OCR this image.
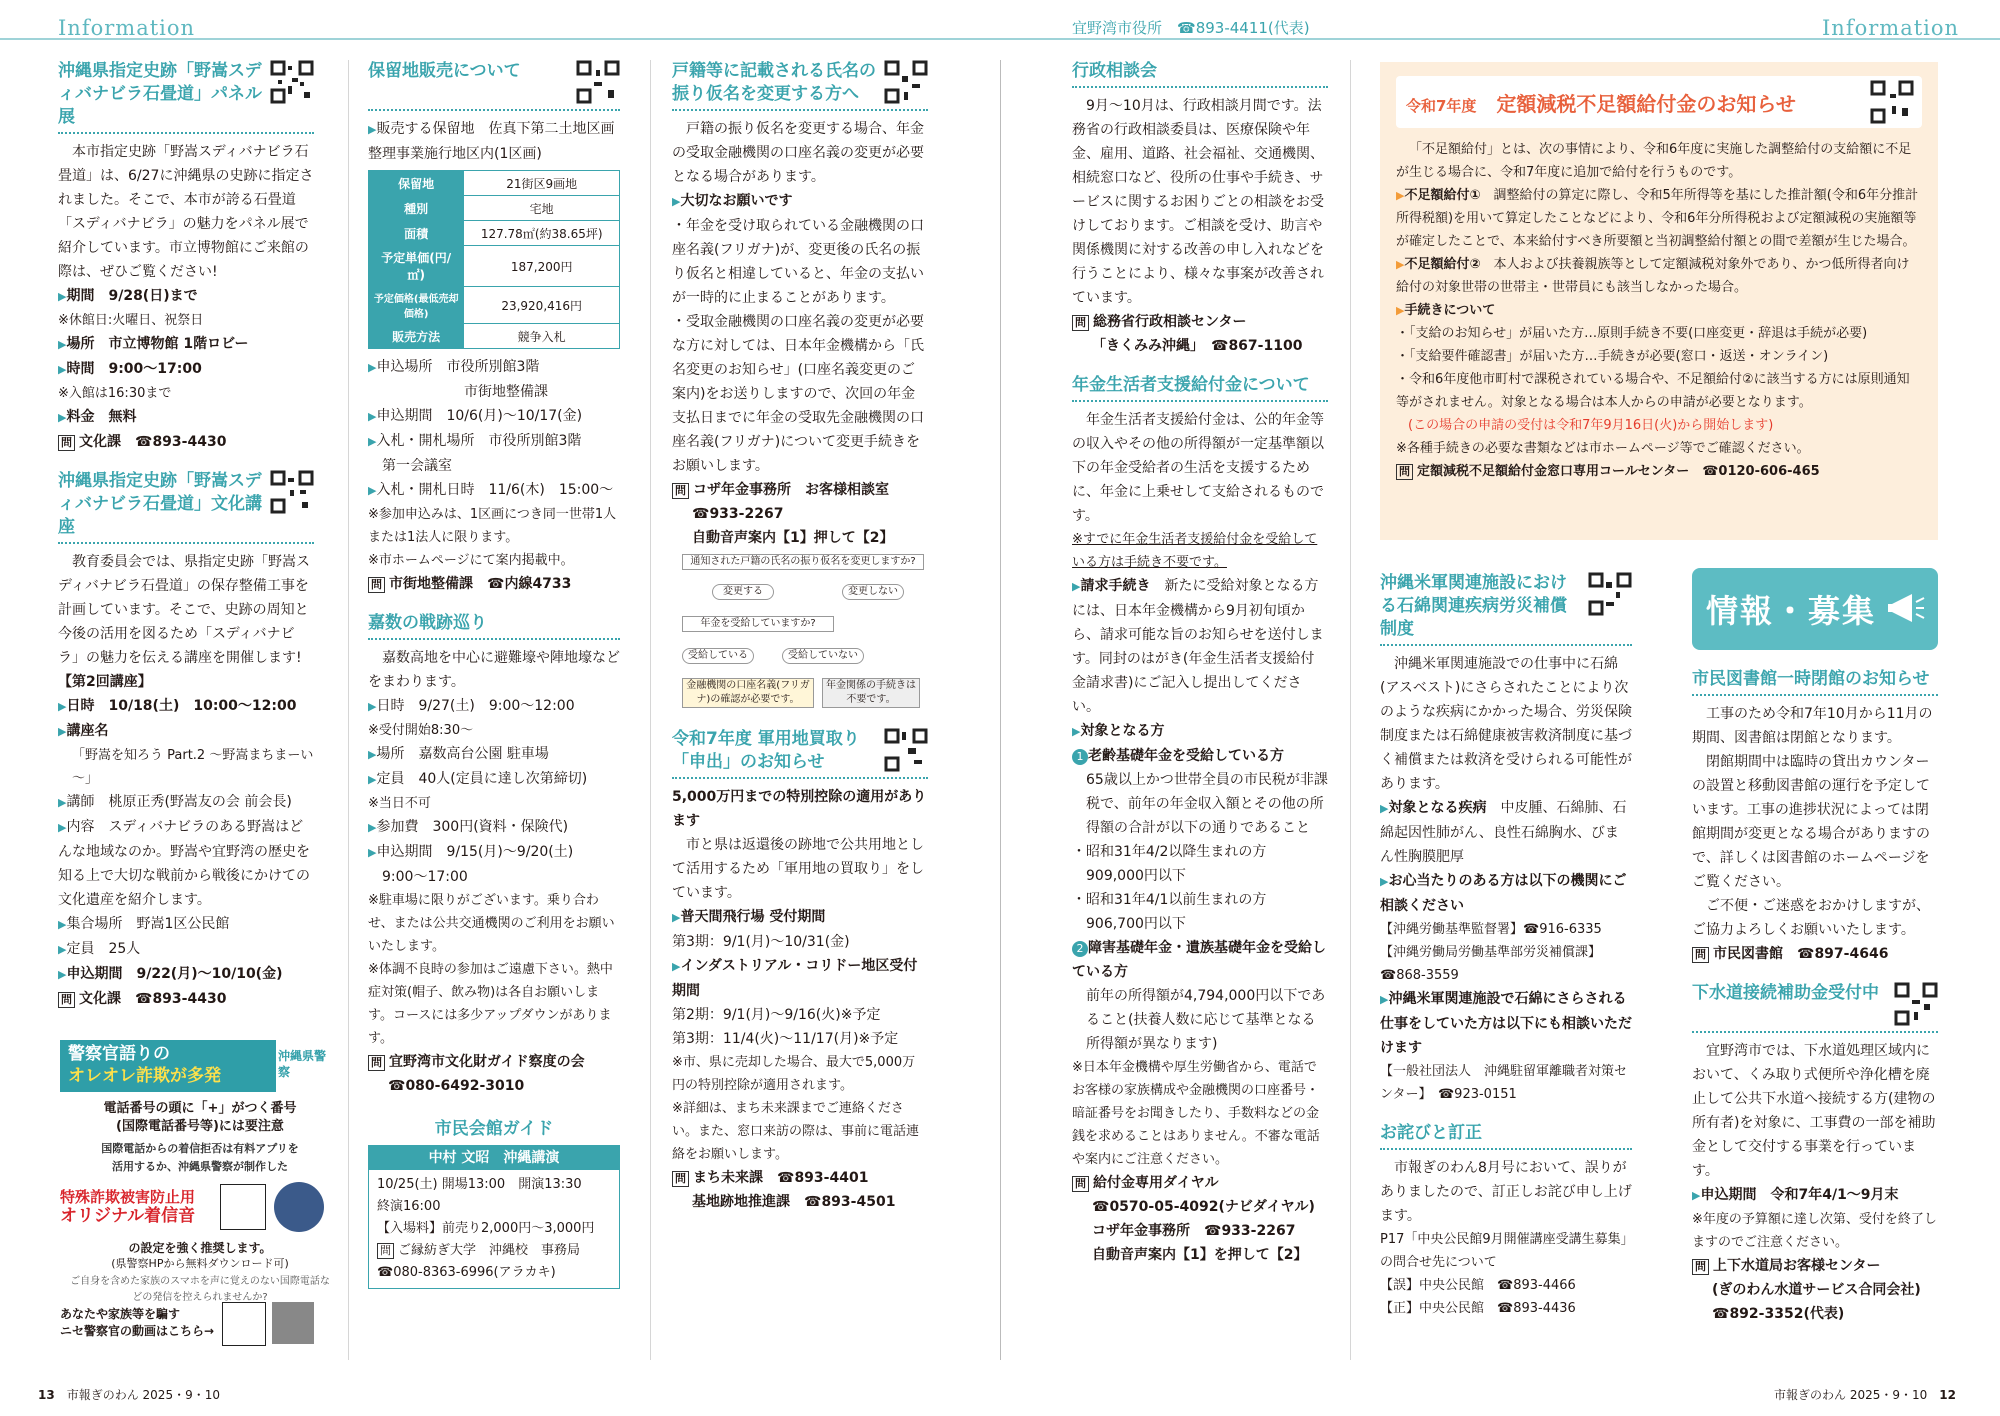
Information	宜野湾市役所　 ☎893-4411(代表)	Information
沖縄県指定史跡「野嵩スディバナビラ石畳道」パネル展

本市指定史跡「野嵩スディバナビラ石畳道」は、6/27に沖縄県の史跡に指定されました。そこで、本市が誇る石畳道「スディバナビラ」の魅力をパネル展で紹介しています。市立博物館にご来館の際は、ぜひご覧ください!

▶期間　9/28(日)まで

※休館日:火曜日、祝祭日

▶場所　市立博物館 1階ロビー

▶時間　9:00～17:00

※入館は16:30まで

▶料金　無料

問 文化課　☎893-4430

沖縄県指定史跡「野嵩スディバナビラ石畳道」文化講座

教育委員会では、県指定史跡「野嵩スディバナビラ石畳道」の保存整備工事を計画しています。そこで、史跡の周知と今後の活用を図るため「スディバナビラ」の魅力を伝える講座を開催します!

【第2回講座】

▶日時　10/18(土)　10:00～12:00

▶講座名

「野嵩を知ろう Part.2 ～野嵩まちまーい～」

▶講師　桃原正秀(野嵩友の会 前会長)

▶内容　スディバナビラのある野嵩はどんな地域なのか。野嵩や宜野湾の歴史を知る上で大切な戦前から戦後にかけての文化遺産を紹介します。

▶集合場所　野嵩1区公民館

▶定員　25人

▶申込期間　9/22(月)～10/10(金)

問 文化課　☎893-4430

警察官語りの
オレオレ詐欺が多発
沖縄県警察
電話番号の頭に「+」がつく番号
(国際電話番号等)には要注意
国際電話からの着信拒否は有料アプリを
活用するか、沖縄県警察が制作した
特殊詐欺被害防止用
オリジナル着信音
の設定を強く推奨します。
(県警察HPから無料ダウンロード可)
ご自身を含めた家族のスマホを声に覚えのない国際電話などの発信を控えられませんか?
あなたや家族等を騙す
ニセ警察官の動画はこちら→
保留地販売について

▶販売する保留地　佐真下第二土地区画整理事業施行地区内(1区画)

保留地	21街区9画地
種別	宅地
面積	127.78㎡(約38.65坪)
予定単価(円/㎡)	187,200円
予定価格(最低売却価格)	23,920,416円
販売方法	競争入札

▶申込場所　市役所別館3階

市街地整備課

▶申込期間　10/6(月)～10/17(金)

▶入札・開札場所　市役所別館3階

第一会議室

▶入札・開札日時　11/6(木)　15:00～

※参加申込みは、1区画につき同一世帯1人または1法人に限ります。

※市ホームページにて案内掲載中。

問 市街地整備課　☎内線4733

嘉数の戦跡巡り

嘉数高地を中心に避難壕や陣地壕などをまわります。

▶日時　9/27(土)　9:00～12:00

※受付開始8:30～

▶場所　嘉数高台公園 駐車場

▶定員　40人(定員に達し次第締切)

※当日不可

▶参加費　300円(資料・保険代)

▶申込期間　9/15(月)～9/20(土)

9:00～17:00

※駐車場に限りがございます。乗り合わせ、または公共交通機関のご利用をお願いいたします。

※体調不良時の参加はご遠慮下さい。熱中症対策(帽子、飲み物)は各自お願いします。コースには多少アップダウンがあります。

問 宜野湾市文化財ガイド察度の会

☎080-6492-3010

市民会館ガイド
中村 文昭　沖縄講演
10/25(土) 開場13:00　開演13:30
終演16:00
【入場料】前売り2,000円～3,000円
問 ご縁紡ぎ大学　沖縄校　事務局
☎080-8363-6996(アラカキ)
戸籍等に記載される氏名の振り仮名を変更する方へ

戸籍の振り仮名を変更する場合、年金の受取金融機関の口座名義の変更が必要となる場合があります。

▶大切なお願いです

・年金を受け取られている金融機関の口座名義(フリガナ)が、変更後の氏名の振り仮名と相違していると、年金の支払いが一時的に止まることがあります。

・受取金融機関の口座名義の変更が必要な方に対しては、日本年金機構から「氏名変更のお知らせ」(口座名義変更のご案内)をお送りしますので、次回の年金支払日までに年金の受取先金融機関の口座名義(フリガナ)について変更手続きをお願いします。

問 コザ年金事務所　お客様相談室

☎933-2267

自動音声案内【1】押して【2】

通知された戸籍の氏名の振り仮名を変更しますか?
変更する	変更しない
年金を受給していますか?
受給している	受給していない
金融機関の口座名義(フリガナ)の確認が必要です。
年金関係の手続きは不要です。
令和7年度 軍用地買取り「申出」のお知らせ

5,000万円までの特別控除の適用があります

市と県は返還後の跡地で公共用地として活用するため「軍用地の買取り」をしています。

▶普天間飛行場 受付期間

第3期：9/1(月)～10/31(金)

▶インダストリアル・コリドー地区受付期間

第2期：9/1(月)～9/16(火)※予定

第3期：11/4(火)～11/17(月)※予定

※市、県に売却した場合、最大で5,000万円の特別控除が適用されます。

※詳細は、まち未来課までご連絡ください。また、窓口来訪の際は、事前に電話連絡をお願いします。

問 まち未来課　☎893-4401

基地跡地推進課　☎893-4501

行政相談会

9月～10月は、行政相談月間です。法務省の行政相談委員は、医療保険や年金、雇用、道路、社会福祉、交通機関、相続窓口など、役所の仕事や手続き、サービスに関するお困りごとの相談をお受けしております。ご相談を受け、助言や関係機関に対する改善の申し入れなどを行うことにより、様々な事案が改善されています。

問 総務省行政相談センター

「きくみみ沖縄」　☎867-1100

年金生活者支援給付金について

年金生活者支援給付金は、公的年金等の収入やその他の所得額が一定基準額以下の年金受給者の生活を支援するために、年金に上乗せして支給されるものです。

※すでに年金生活者支援給付金を受給している方は手続き不要です。

▶請求手続き　 新たに受給対象となる方には、日本年金機構から9月初旬頃から、請求可能な旨のお知らせを送付します。同封のはがき(年金生活者支援給付金請求書)にご記入し提出してください。

▶対象となる方

1 老齢基礎年金を受給している方

65歳以上かつ世帯全員の市民税が非課税で、前年の年金収入額とその他の所得額の合計が以下の通りであること

・昭和31年4/2以降生まれの方

909,000円以下

・昭和31年4/1以前生まれの方

906,700円以下

2 障害基礎年金・遺族基礎年金を受給している方

前年の所得額が4,794,000円以下であること(扶養人数に応じて基準となる所得額が異なります)

※日本年金機構や厚生労働省から、電話でお客様の家族構成や金融機関の口座番号・暗証番号をお聞きしたり、手数料などの金銭を求めることはありません。不審な電話や案内にご注意ください。

問 給付金専用ダイヤル

☎0570-05-4092(ナビダイヤル)

コザ年金事務所　☎933-2267

自動音声案内【1】を押して【2】

令和7年度　 定額減税不足額給付金のお知らせ

「不足額給付」とは、次の事情により、令和6年度に実施した調整給付の支給額に不足が生じる場合に、令和7年度に追加で給付を行うものです。

▶不足額給付①　 調整給付の算定に際し、令和5年所得等を基にした推計額(令和6年分推計所得税額)を用いて算定したことなどにより、令和6年分所得税および定額減税の実施額等が確定したことで、本来給付すべき所要額と当初調整給付額との間で差額が生じた場合。

▶不足額給付②　 本人および扶養親族等として定額減税対象外であり、かつ低所得者向け給付の対象世帯の世帯主・世帯員にも該当しなかった場合。

▶手続きについて

・「支給のお知らせ」が届いた方…原則手続き不要(口座変更・辞退は手続が必要)

・「支給要件確認書」が届いた方…手続きが必要(窓口・返送・オンライン)

・令和6年度他市町村で課税されている場合や、不足額給付②に該当する方には原則通知等がされません。対象となる場合は本人からの申請が必要となります。

(この場合の申請の受付は令和7年9月16日(火)から開始します)

※各種手続きの必要な書類などは市ホームページ等でご確認ください。

問 定額減税不足額給付金窓口専用コールセンター　☎0120-606-465

沖縄米軍関連施設における石綿関連疾病労災補償制度

沖縄米軍関連施設での仕事中に石綿(アスベスト)にさらされたことにより次のような疾病にかかった場合、労災保険制度または石綿健康被害救済制度に基づく補償または救済を受けられる可能性があります。

▶対象となる疾病　 中皮腫、石綿肺、石綿起因性肺がん、良性石綿胸水、びまん性胸膜肥厚

▶お心当たりのある方は以下の機関にご相談ください

【沖縄労働基準監督署】☎916-6335

【沖縄労働局労働基準部労災補償課】

☎868-3559

▶沖縄米軍関連施設で石綿にさらされる仕事をしていた方は以下にも相談いただけます

【一般社団法人　沖縄駐留軍離職者対策センター】　☎923-0151

お詫びと訂正

市報ぎのわん8月号において、誤りがありましたので、訂正しお詫び申し上げます。

P17「中央公民館9月開催講座受講生募集」の問合せ先について

【誤】中央公民館　☎893-4466

【正】中央公民館　☎893-4436

情報・募集
市民図書館一時閉館のお知らせ

工事のため令和7年10月から11月の期間、図書館は閉館となります。

閉館期間中は臨時の貸出カウンターの設置と移動図書館の運行を予定しています。工事の進捗状況によっては閉館期間が変更となる場合がありますので、詳しくは図書館のホームページをご覧ください。

ご不便・ご迷惑をおかけしますが、ご協力よろしくお願いいたします。

問 市民図書館　☎897-4646

下水道接続補助金受付中

宜野湾市では、下水道処理区域内において、くみ取り式便所や浄化槽を廃止して公共下水道へ接続する方(建物の所有者)を対象に、工事費の一部を補助金として交付する事業を行っています。

▶申込期間　令和7年4/1～9月末

※年度の予算額に達し次第、受付を終了しますのでご注意ください。

問 上下水道局お客様センター

(ぎのわん水道サービス合同会社)

☎892-3352(代表)

13　 市報ぎのわん 2025・9・10	市報ぎのわん 2025・9・10　 12
